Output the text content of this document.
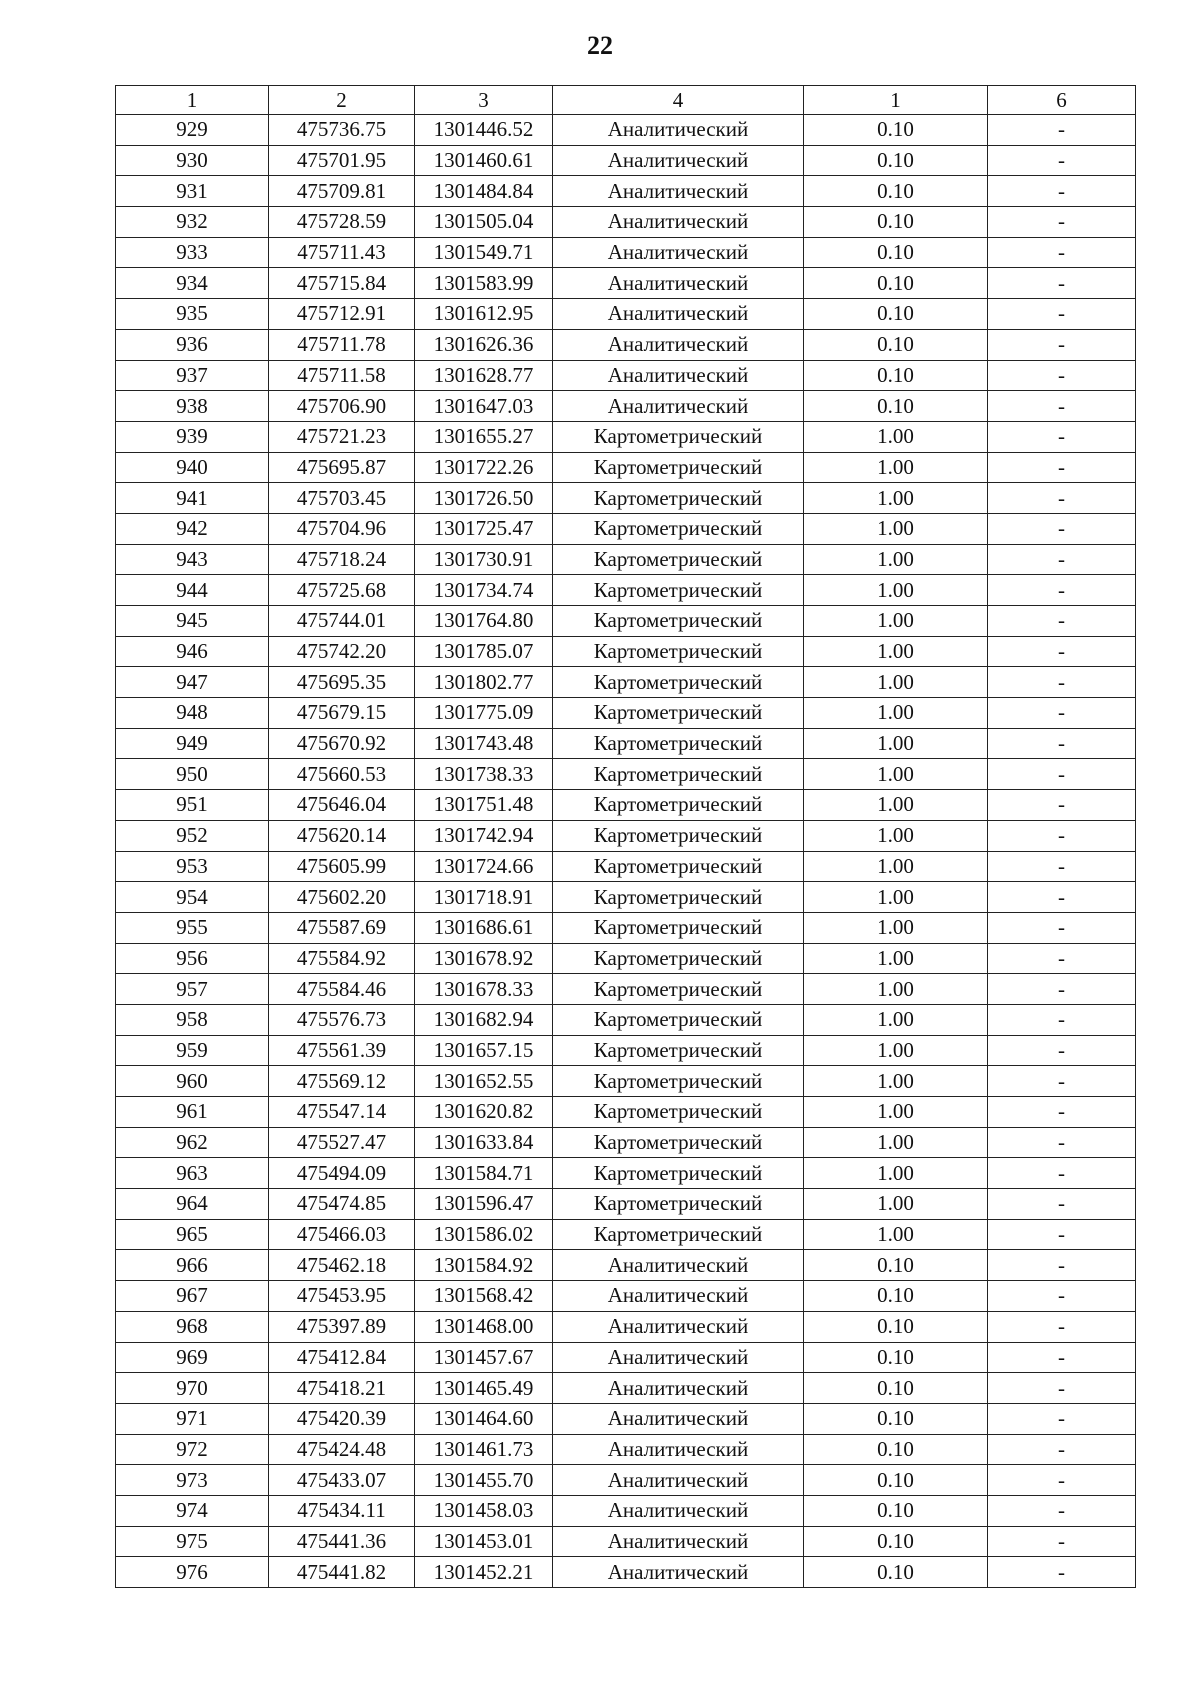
22
1	2	3	4	1	6
929	475736.75	1301446.52	Аналитический	0.10	-
930	475701.95	1301460.61	Аналитический	0.10	-
931	475709.81	1301484.84	Аналитический	0.10	-
932	475728.59	1301505.04	Аналитический	0.10	-
933	475711.43	1301549.71	Аналитический	0.10	-
934	475715.84	1301583.99	Аналитический	0.10	-
935	475712.91	1301612.95	Аналитический	0.10	-
936	475711.78	1301626.36	Аналитический	0.10	-
937	475711.58	1301628.77	Аналитический	0.10	-
938	475706.90	1301647.03	Аналитический	0.10	-
939	475721.23	1301655.27	Картометрический	1.00	-
940	475695.87	1301722.26	Картометрический	1.00	-
941	475703.45	1301726.50	Картометрический	1.00	-
942	475704.96	1301725.47	Картометрический	1.00	-
943	475718.24	1301730.91	Картометрический	1.00	-
944	475725.68	1301734.74	Картометрический	1.00	-
945	475744.01	1301764.80	Картометрический	1.00	-
946	475742.20	1301785.07	Картометрический	1.00	-
947	475695.35	1301802.77	Картометрический	1.00	-
948	475679.15	1301775.09	Картометрический	1.00	-
949	475670.92	1301743.48	Картометрический	1.00	-
950	475660.53	1301738.33	Картометрический	1.00	-
951	475646.04	1301751.48	Картометрический	1.00	-
952	475620.14	1301742.94	Картометрический	1.00	-
953	475605.99	1301724.66	Картометрический	1.00	-
954	475602.20	1301718.91	Картометрический	1.00	-
955	475587.69	1301686.61	Картометрический	1.00	-
956	475584.92	1301678.92	Картометрический	1.00	-
957	475584.46	1301678.33	Картометрический	1.00	-
958	475576.73	1301682.94	Картометрический	1.00	-
959	475561.39	1301657.15	Картометрический	1.00	-
960	475569.12	1301652.55	Картометрический	1.00	-
961	475547.14	1301620.82	Картометрический	1.00	-
962	475527.47	1301633.84	Картометрический	1.00	-
963	475494.09	1301584.71	Картометрический	1.00	-
964	475474.85	1301596.47	Картометрический	1.00	-
965	475466.03	1301586.02	Картометрический	1.00	-
966	475462.18	1301584.92	Аналитический	0.10	-
967	475453.95	1301568.42	Аналитический	0.10	-
968	475397.89	1301468.00	Аналитический	0.10	-
969	475412.84	1301457.67	Аналитический	0.10	-
970	475418.21	1301465.49	Аналитический	0.10	-
971	475420.39	1301464.60	Аналитический	0.10	-
972	475424.48	1301461.73	Аналитический	0.10	-
973	475433.07	1301455.70	Аналитический	0.10	-
974	475434.11	1301458.03	Аналитический	0.10	-
975	475441.36	1301453.01	Аналитический	0.10	-
976	475441.82	1301452.21	Аналитический	0.10	-
